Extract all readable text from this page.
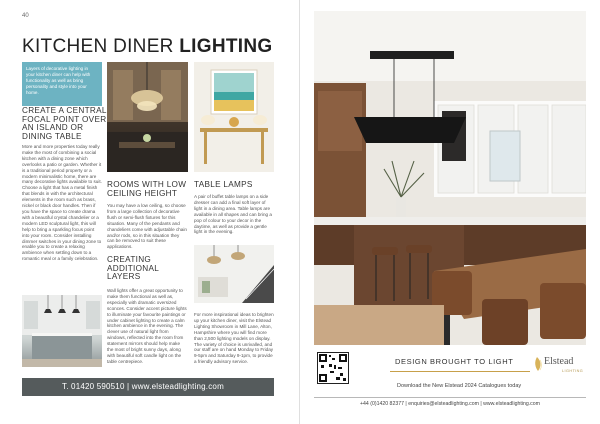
40
KITCHEN DINER LIGHTING
Layers of decorative lighting in your kitchen diner can help with functionality as well as bring personality and style into your home.
CREATE A CENTRAL FOCAL POINT OVER AN ISLAND OR DINING TABLE
More and more properties today really make the most of combining a social kitchen with a dining zone which overlooks a patio or garden. Whether it is a traditional period property or a modern minimalistic home, there are many decorative lights available to suit. Choose a light that has a metal finish that blends in with the architectural elements in the room such as brass, nickel or black door handles. Then if you have the space to create drama with a beautiful crystal chandelier or a modern LED sculptural light, this will help to bring a sparkling focus point into your room. Consider installing dimmer switches in your dining zone to enable you to create a relaxing ambience when settling down to a romantic meal or a family celebration.
ROOMS WITH LOW CEILING HEIGHT
You may have a low ceiling, so choose from a large collection of decorative flush or semi-flush fixtures for this situation. Many of the pendants and chandeliers come with adjustable chain and/or rods, so in this situation they can be removed to suit these applications.
CREATING ADDITIONAL LAYERS
Wall lights offer a great opportunity to make them functional as well as, especially with dramatic oversized sconces. Consider accent picture lights to illuminate your favourite paintings or under cabinet lighting to create a calm kitchen ambience in the evening. The clever use of natural light from windows, reflected into the room from statement mirrors should help make the most of bright sunny days, along with beautiful soft candle light on the table centrepiece.
TABLE LAMPS
A pair of buffet table lamps on a side dresser can add a final soft layer of light in a dining area. Table lamps are available in all shapes and can bring a pop of colour to your decor in the daytime, as well as provide a gentle light in the evening.
For more inspirational ideas to brighten up your kitchen diner, visit the Elstead Lighting Showroom in Mill Lane, Alton, Hampshire where you will find more than 2,500 lighting models on display. The variety of choice is unrivalled, and our staff are on hand Monday to Friday 9-5pm and Saturday 9-1pm, to provide a friendly advisory service.
T. 01420 590510 | www.elsteadlighting.com
DESIGN BROUGHT TO LIGHT
Download the New Elstead 2024 Catalogues today
Elstead
LIGHTING
+44 (0)1420 82377 | enquiries@elsteadlighting.com | www.elsteadlighting.com
